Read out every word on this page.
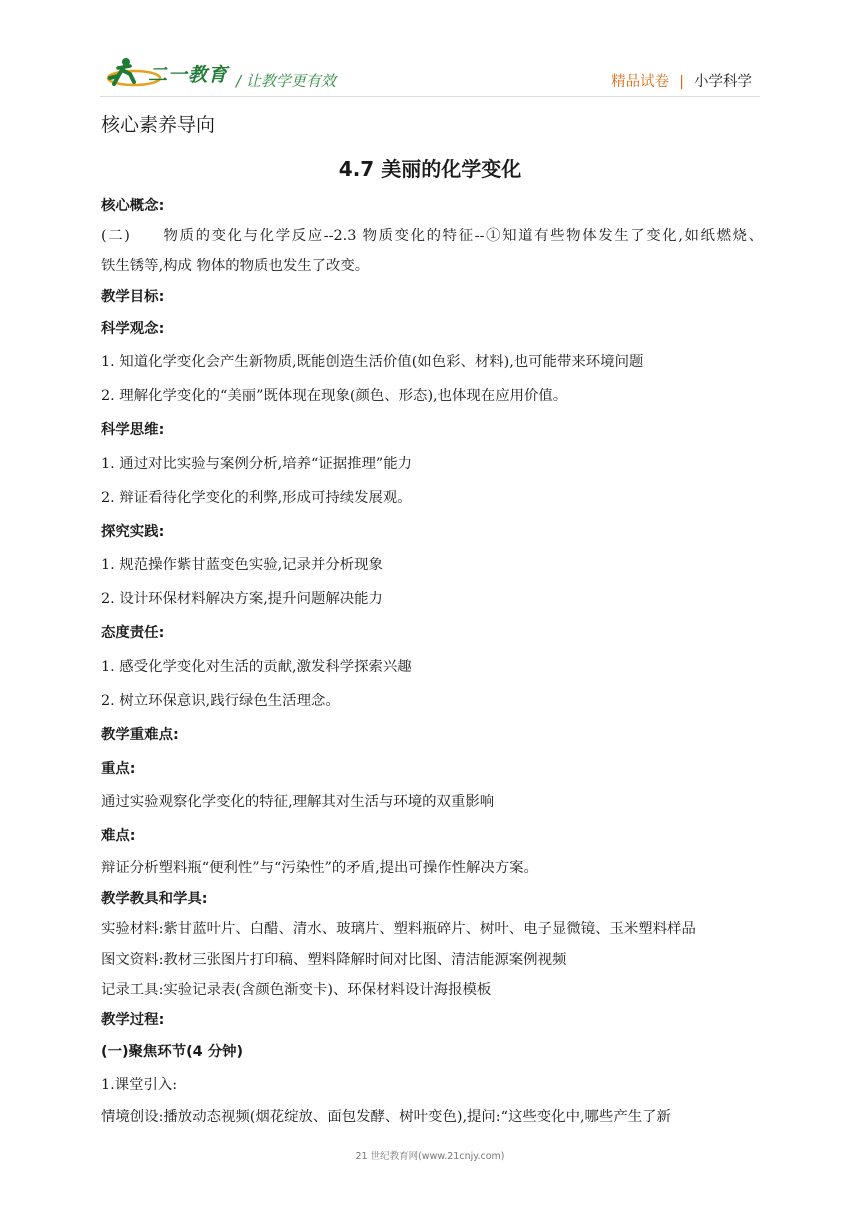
二一教育 / 让教学更有效	精品试卷 | 小学科学
核心素养导向
4.7 美丽的化学变化
核心概念:
(二)　　物质的变化与化学反应--2.3 物质变化的特征--①知道有些物体发生了变化,如纸燃烧、
铁生锈等,构成 物体的物质也发生了改变。
教学目标:
科学观念:
1. 知道化学变化会产生新物质,既能创造生活价值(如色彩、材料),也可能带来环境问题
2. 理解化学变化的“美丽”既体现在现象(颜色、形态),也体现在应用价值。
科学思维:
1. 通过对比实验与案例分析,培养“证据推理”能力
2. 辩证看待化学变化的利弊,形成可持续发展观。
探究实践:
1. 规范操作紫甘蓝变色实验,记录并分析现象
2. 设计环保材料解决方案,提升问题解决能力
态度责任:
1. 感受化学变化对生活的贡献,激发科学探索兴趣
2. 树立环保意识,践行绿色生活理念。
教学重难点:
重点:
通过实验观察化学变化的特征,理解其对生活与环境的双重影响
难点:
辩证分析塑料瓶“便利性”与“污染性”的矛盾,提出可操作性解决方案。
教学教具和学具:
实验材料:紫甘蓝叶片、白醋、清水、玻璃片、塑料瓶碎片、树叶、电子显微镜、玉米塑料样品
图文资料:教材三张图片打印稿、塑料降解时间对比图、清洁能源案例视频
记录工具:实验记录表(含颜色渐变卡)、环保材料设计海报模板
教学过程:
(一)聚焦环节(4 分钟)
1.课堂引入:
情境创设:播放动态视频(烟花绽放、面包发酵、树叶变色),提问:“这些变化中,哪些产生了新
21 世纪教育网(www.21cnjy.com)
